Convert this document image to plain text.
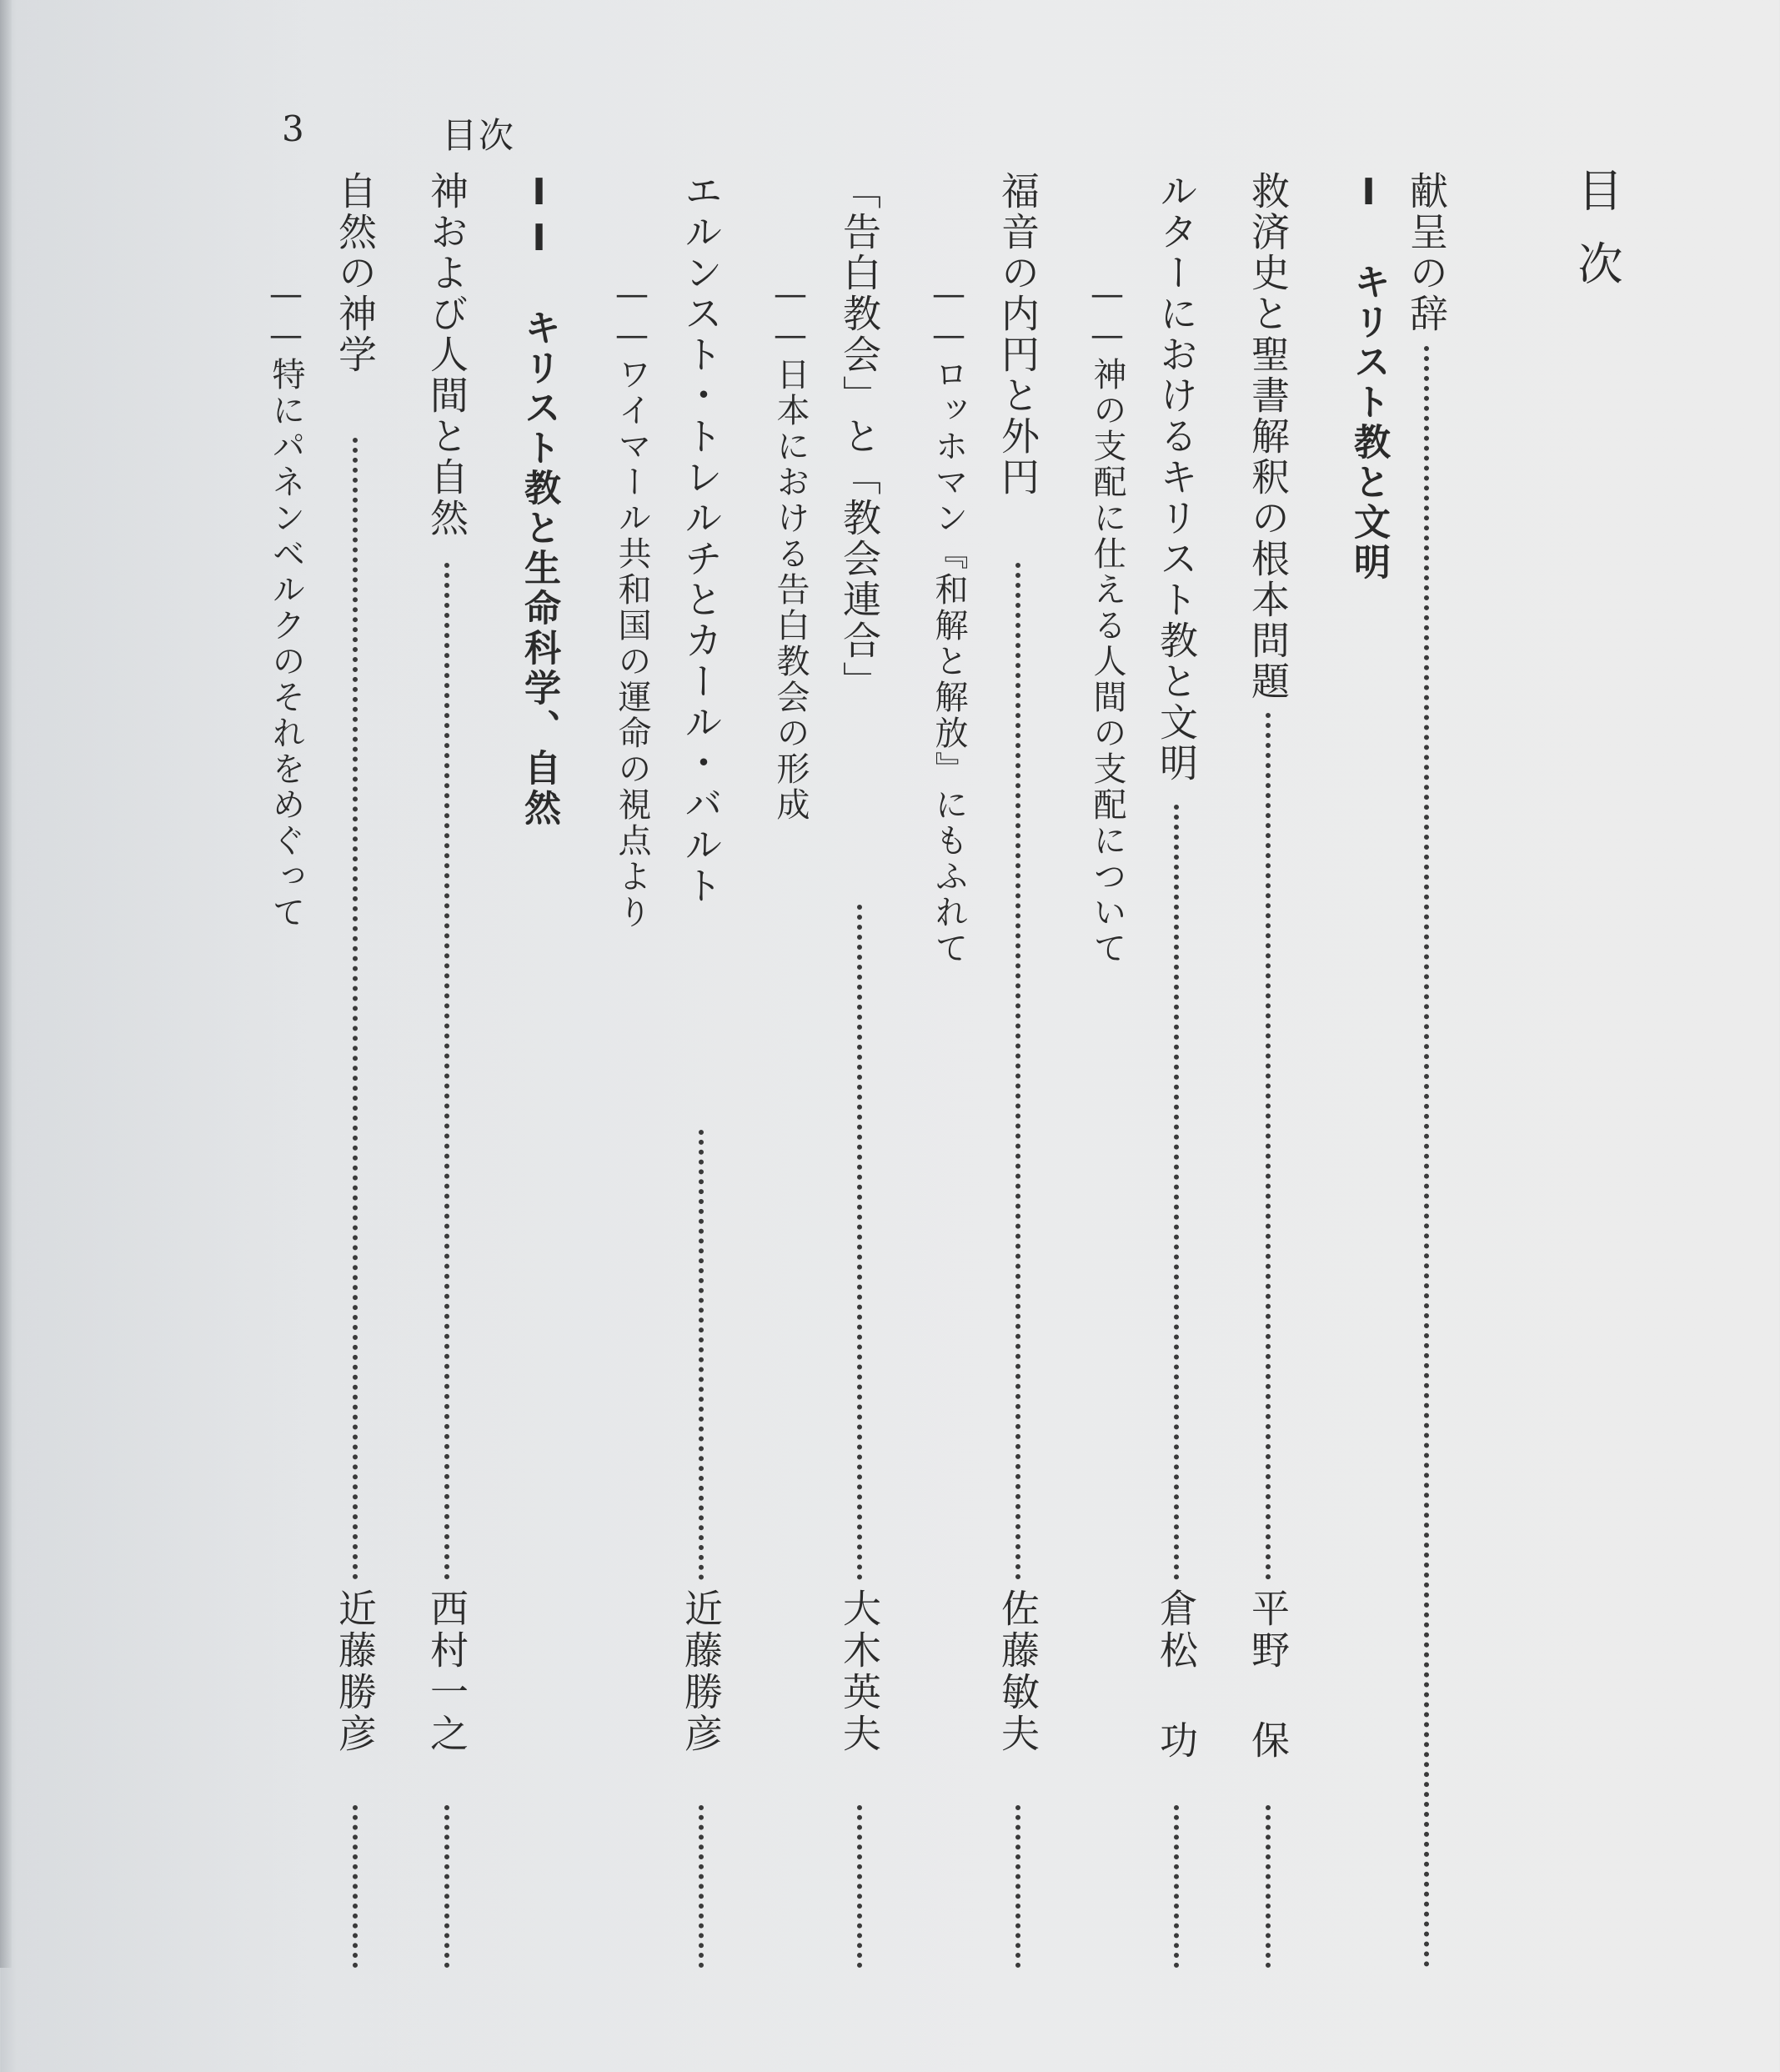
3	目次
目次
献呈の辞
I キリスト教と文明
救済史と聖書解釈の根本問題
平野 保
ルターにおけるキリスト教と文明
倉松 功
——神の支配に仕える人間の支配について
福音の内円と外円
佐藤敏夫
——ロッホマン『和解と解放』にもふれて
「告白教会」と「教会連合」
大木英夫
——日本における告白教会の形成
エルンスト・トレルチとカール・バルト
近藤勝彦
——ワイマール共和国の運命の視点より
II キリスト教と生命科学、自然
神および人間と自然
西村一之
自然の神学
近藤勝彦
——特にパネンベルクのそれをめぐって
